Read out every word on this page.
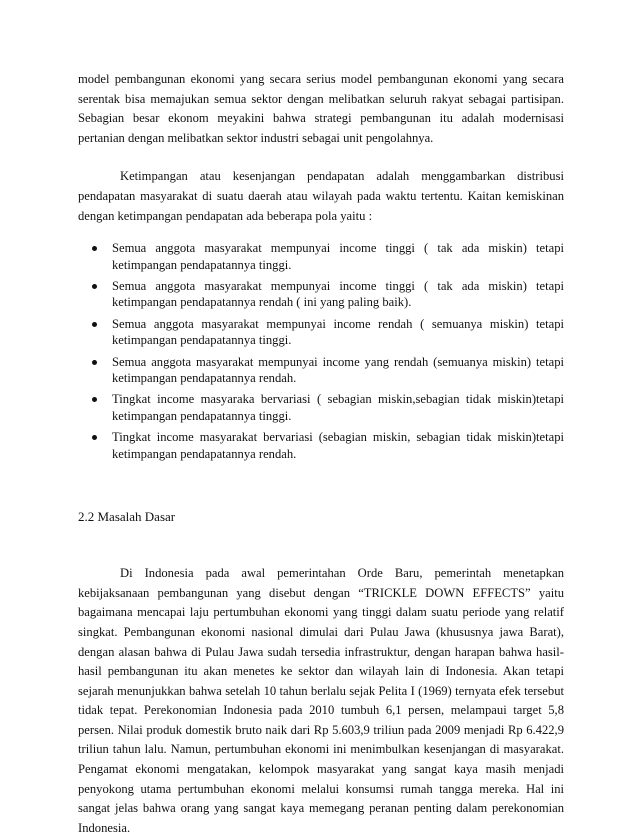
model pembangunan ekonomi yang secara serius model pembangunan ekonomi yang secara serentak bisa memajukan semua sektor dengan melibatkan seluruh rakyat sebagai partisipan. Sebagian besar ekonom meyakini bahwa strategi pembangunan itu adalah modernisasi pertanian dengan melibatkan sektor industri sebagai unit pengolahnya.

Ketimpangan atau kesenjangan pendapatan adalah menggambarkan distribusi pendapatan masyarakat di suatu daerah atau wilayah pada waktu tertentu. Kaitan kemiskinan dengan ketimpangan pendapatan ada beberapa pola yaitu :

Semua anggota masyarakat mempunyai income tinggi ( tak ada miskin) tetapi ketimpangan pendapatannya tinggi.
Semua anggota masyarakat mempunyai income tinggi ( tak ada miskin) tetapi ketimpangan pendapatannya rendah ( ini yang paling baik).
Semua anggota masyarakat mempunyai income rendah ( semuanya miskin) tetapi ketimpangan pendapatannya tinggi.
Semua anggota masyarakat mempunyai income yang rendah (semuanya miskin) tetapi ketimpangan pendapatannya rendah.
Tingkat income masyaraka bervariasi ( sebagian miskin,sebagian tidak miskin)tetapi ketimpangan pendapatannya tinggi.
Tingkat income masyarakat bervariasi (sebagian miskin, sebagian tidak miskin)tetapi ketimpangan pendapatannya rendah.
2.2 Masalah Dasar

Di Indonesia pada awal pemerintahan Orde Baru, pemerintah menetapkan kebijaksanaan pembangunan yang disebut dengan “TRICKLE DOWN EFFECTS” yaitu bagaimana mencapai laju pertumbuhan ekonomi yang tinggi dalam suatu periode yang relatif singkat. Pembangunan ekonomi nasional dimulai dari Pulau Jawa (khususnya jawa Barat), dengan alasan bahwa di Pulau Jawa sudah tersedia infrastruktur, dengan harapan bahwa hasil-hasil pembangunan itu akan menetes ke sektor dan wilayah lain di Indonesia. Akan tetapi sejarah menunjukkan bahwa setelah 10 tahun berlalu sejak Pelita I (1969) ternyata efek tersebut tidak tepat. Perekonomian Indonesia pada 2010 tumbuh 6,1 persen, melampaui target 5,8 persen. Nilai produk domestik bruto naik dari Rp 5.603,9 triliun pada 2009 menjadi Rp 6.422,9 triliun tahun lalu. Namun, pertumbuhan ekonomi ini menimbulkan kesenjangan di masyarakat. Pengamat ekonomi mengatakan, kelompok masyarakat yang sangat kaya masih menjadi penyokong utama pertumbuhan ekonomi melalui konsumsi rumah tangga mereka. Hal ini sangat jelas bahwa orang yang sangat kaya memegang peranan penting dalam perekonomian Indonesia.
